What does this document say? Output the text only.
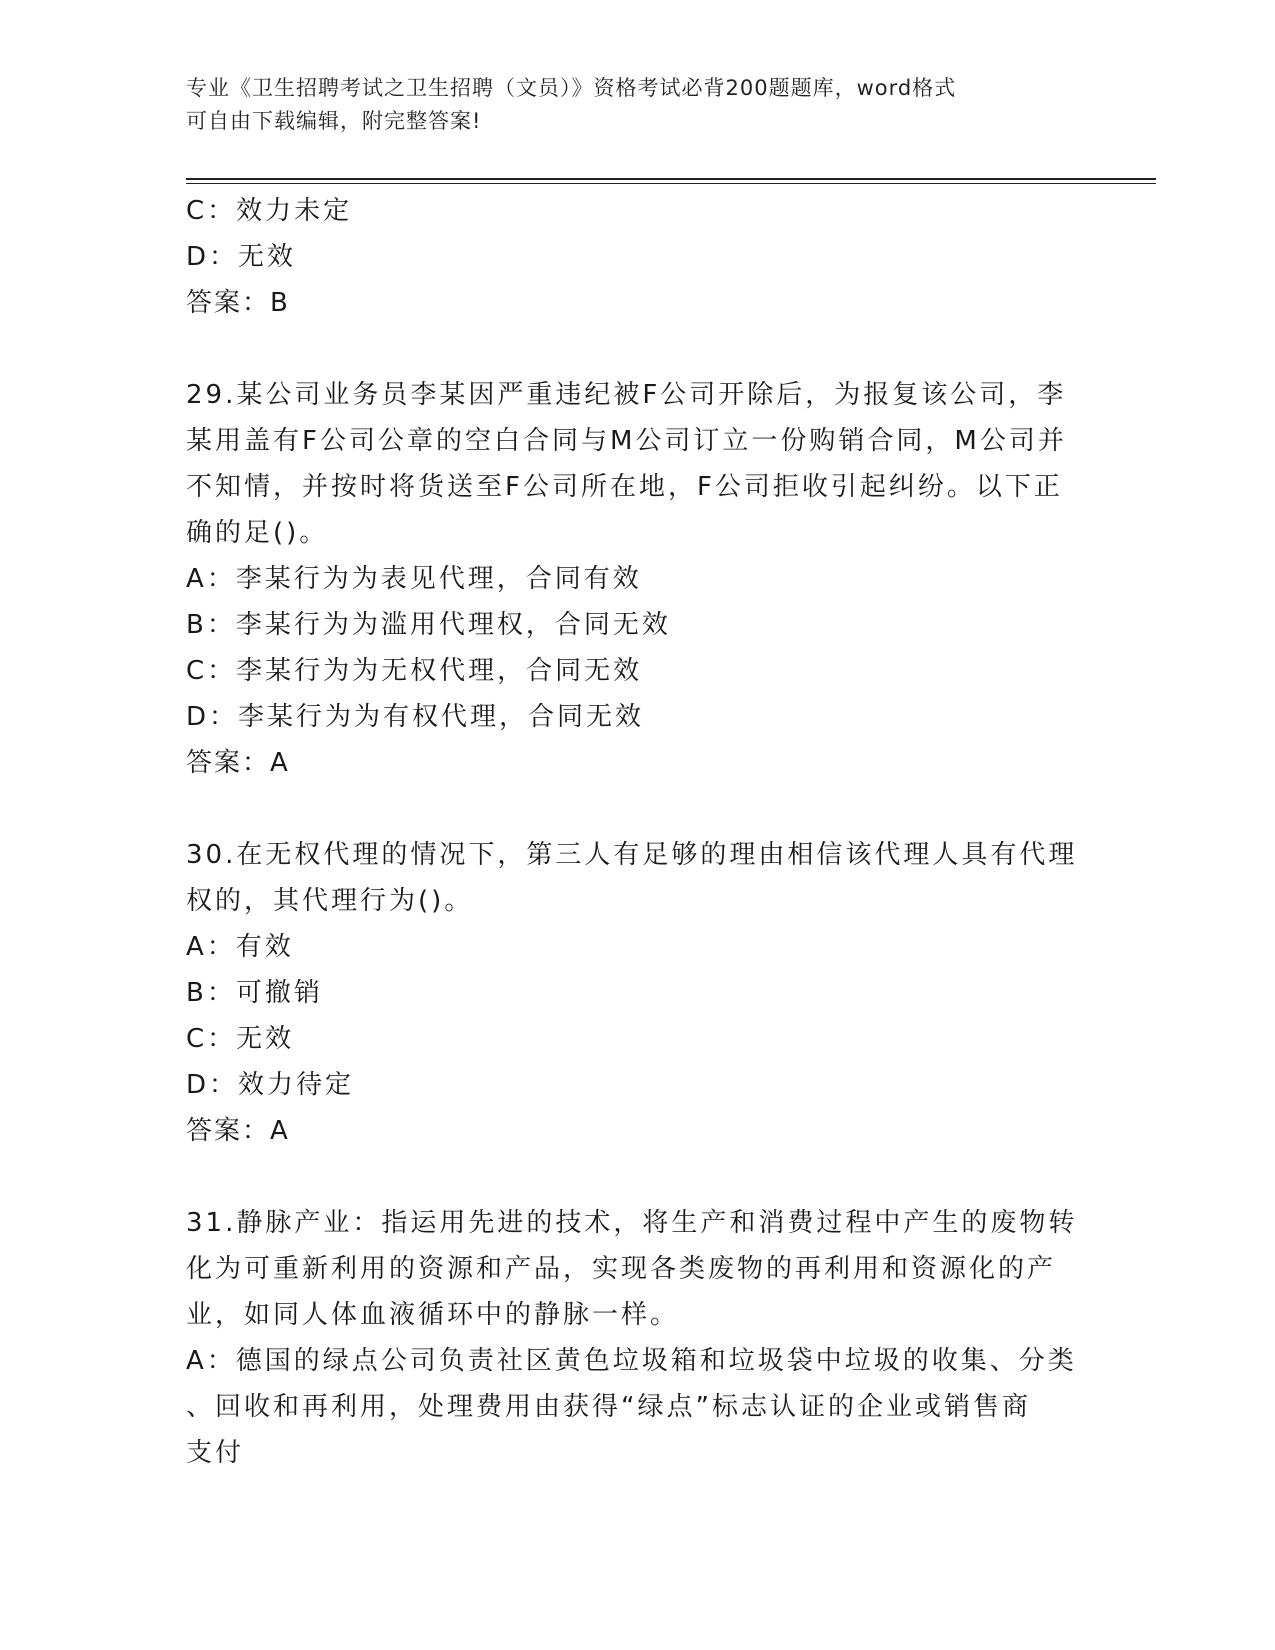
专业《卫生招聘考试之卫生招聘（文员）》资格考试必背200题题库，word格式
可自由下载编辑，附完整答案!
C：效力未定
D：无效
答案：B
29.某公司业务员李某因严重违纪被F公司开除后，为报复该公司，李
某用盖有F公司公章的空白合同与M公司订立一份购销合同，M公司并
不知情，并按时将货送至F公司所在地，F公司拒收引起纠纷。以下正
确的足()。
A：李某行为为表见代理，合同有效
B：李某行为为滥用代理权，合同无效
C：李某行为为无权代理，合同无效
D：李某行为为有权代理，合同无效
答案：A
30.在无权代理的情况下，第三人有足够的理由相信该代理人具有代理
权的，其代理行为()。
A：有效
B：可撤销
C：无效
D：效力待定
答案：A
31.静脉产业：指运用先进的技术，将生产和消费过程中产生的废物转
化为可重新利用的资源和产品，实现各类废物的再利用和资源化的产
业，如同人体血液循环中的静脉一样。
A：德国的绿点公司负责社区黄色垃圾箱和垃圾袋中垃圾的收集、分类
、回收和再利用，处理费用由获得“绿点”标志认证的企业或销售商
支付
